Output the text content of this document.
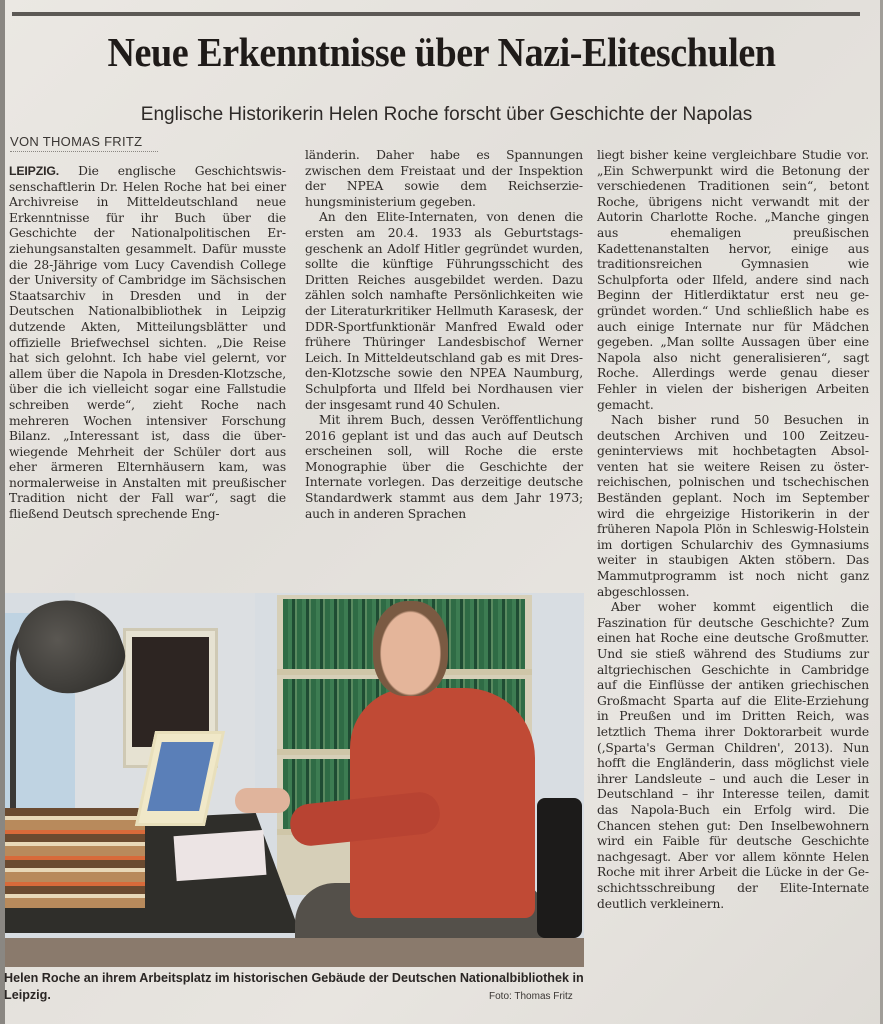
Neue Erkenntnisse über Nazi-Eliteschulen
Englische Historikerin Helen Roche forscht über Geschichte der Napolas
VON THOMAS FRITZ

LEIPZIG. Die englische Geschichtswissenschaftlerin Dr. Helen Roche hat bei einer Archivreise in Mitteldeutschland neue Erkenntnisse für ihr Buch über die Geschichte der Nationalpolitischen Erziehungsanstalten gesammelt. Dafür musste die 28-Jährige vom Lucy Cavendish College der University of Cambridge im Sächsischen Staatsarchiv in Dresden und in der Deutschen Nationalbibliothek in Leipzig dutzende Akten, Mitteilungsblätter und offizielle Briefwechsel sichten. „Die Reise hat sich gelohnt. Ich habe viel gelernt, vor allem über die Napola in Dresden-Klotzsche, über die ich vielleicht sogar eine Fallstudie schreiben werde“, zieht Roche nach mehreren Wochen intensiver Forschung Bilanz. „Interessant ist, dass die überwiegende Mehrheit der Schüler dort aus eher ärmeren Elternhäusern kam, was normalerweise in Anstalten mit preußischer Tradition nicht der Fall war“, sagt die fließend Deutsch sprechende Eng-

länderin. Daher habe es Spannungen zwischen dem Freistaat und der Inspektion der NPEA sowie dem Reichserziehungsministerium gegeben.

An den Elite-Internaten, von denen die ersten am 20.4. 1933 als Geburtstagsgeschenk an Adolf Hitler gegründet wurden, sollte die künftige Führungsschicht des Dritten Reiches ausgebildet werden. Dazu zählen solch namhafte Persönlichkeiten wie der Literaturkritiker Hellmuth Karasesk, der DDR-Sportfunktionär Manfred Ewald oder frühere Thüringer Landesbischof Werner Leich. In Mitteldeutschland gab es mit Dresden-Klotzsche sowie den NPEA Naumburg, Schulpforta und Ilfeld bei Nordhausen vier der insgesamt rund 40 Schulen.

Mit ihrem Buch, dessen Veröffentlichung 2016 geplant ist und das auch auf Deutsch erscheinen soll, will Roche die erste Monographie über die Geschichte der Internate vorlegen. Das derzeitige deutsche Standardwerk stammt aus dem Jahr 1973; auch in anderen Sprachen

liegt bisher keine vergleichbare Studie vor. „Ein Schwerpunkt wird die Betonung der verschiedenen Traditionen sein“, betont Roche, übrigens nicht verwandt mit der Autorin Charlotte Roche. „Manche gingen aus ehemaligen preußischen Kadettenanstalten hervor, einige aus traditionsreichen Gymnasien wie Schulpforta oder Ilfeld, andere sind nach Beginn der Hitlerdiktatur erst neu gegründet worden.“ Und schließlich habe es auch einige Internate nur für Mädchen gegeben. „Man sollte Aussagen über eine Napola also nicht generalisieren“, sagt Roche. Allerdings werde genau dieser Fehler in vielen der bisherigen Arbeiten gemacht.

Nach bisher rund 50 Besuchen in deutschen Archiven und 100 Zeitzeugeninterviews mit hochbetagten Absolventen hat sie weitere Reisen zu österreichischen, polnischen und tschechischen Beständen geplant. Noch im September wird die ehrgeizige Historikerin in der früheren Napola Plön in Schleswig-Holstein im dortigen Schularchiv des Gymnasiums weiter in staubigen Akten stöbern. Das Mammutprogramm ist noch nicht ganz abgeschlossen.

Aber woher kommt eigentlich die Faszination für deutsche Geschichte? Zum einen hat Roche eine deutsche Großmutter. Und sie stieß während des Studiums zur altgriechischen Geschichte in Cambridge auf die Einflüsse der antiken griechischen Großmacht Sparta auf die Elite-Erziehung in Preußen und im Dritten Reich, was letztlich Thema ihrer Doktorarbeit wurde (‚Sparta's German Children', 2013). Nun hofft die Engländerin, dass möglichst viele ihrer Landsleute – und auch die Leser in Deutschland – ihr Interesse teilen, damit das Napola-Buch ein Erfolg wird. Die Chancen stehen gut: Den Inselbewohnern wird ein Faible für deutsche Geschichte nachgesagt. Aber vor allem könnte Helen Roche mit ihrer Arbeit die Lücke in der Geschichtsschreibung der Elite-Internate deutlich verkleinern.

Helen Roche an ihrem Arbeitsplatz im historischen Gebäude der Deutschen Nationalbibliothek in Leipzig.	Foto: Thomas Fritz
